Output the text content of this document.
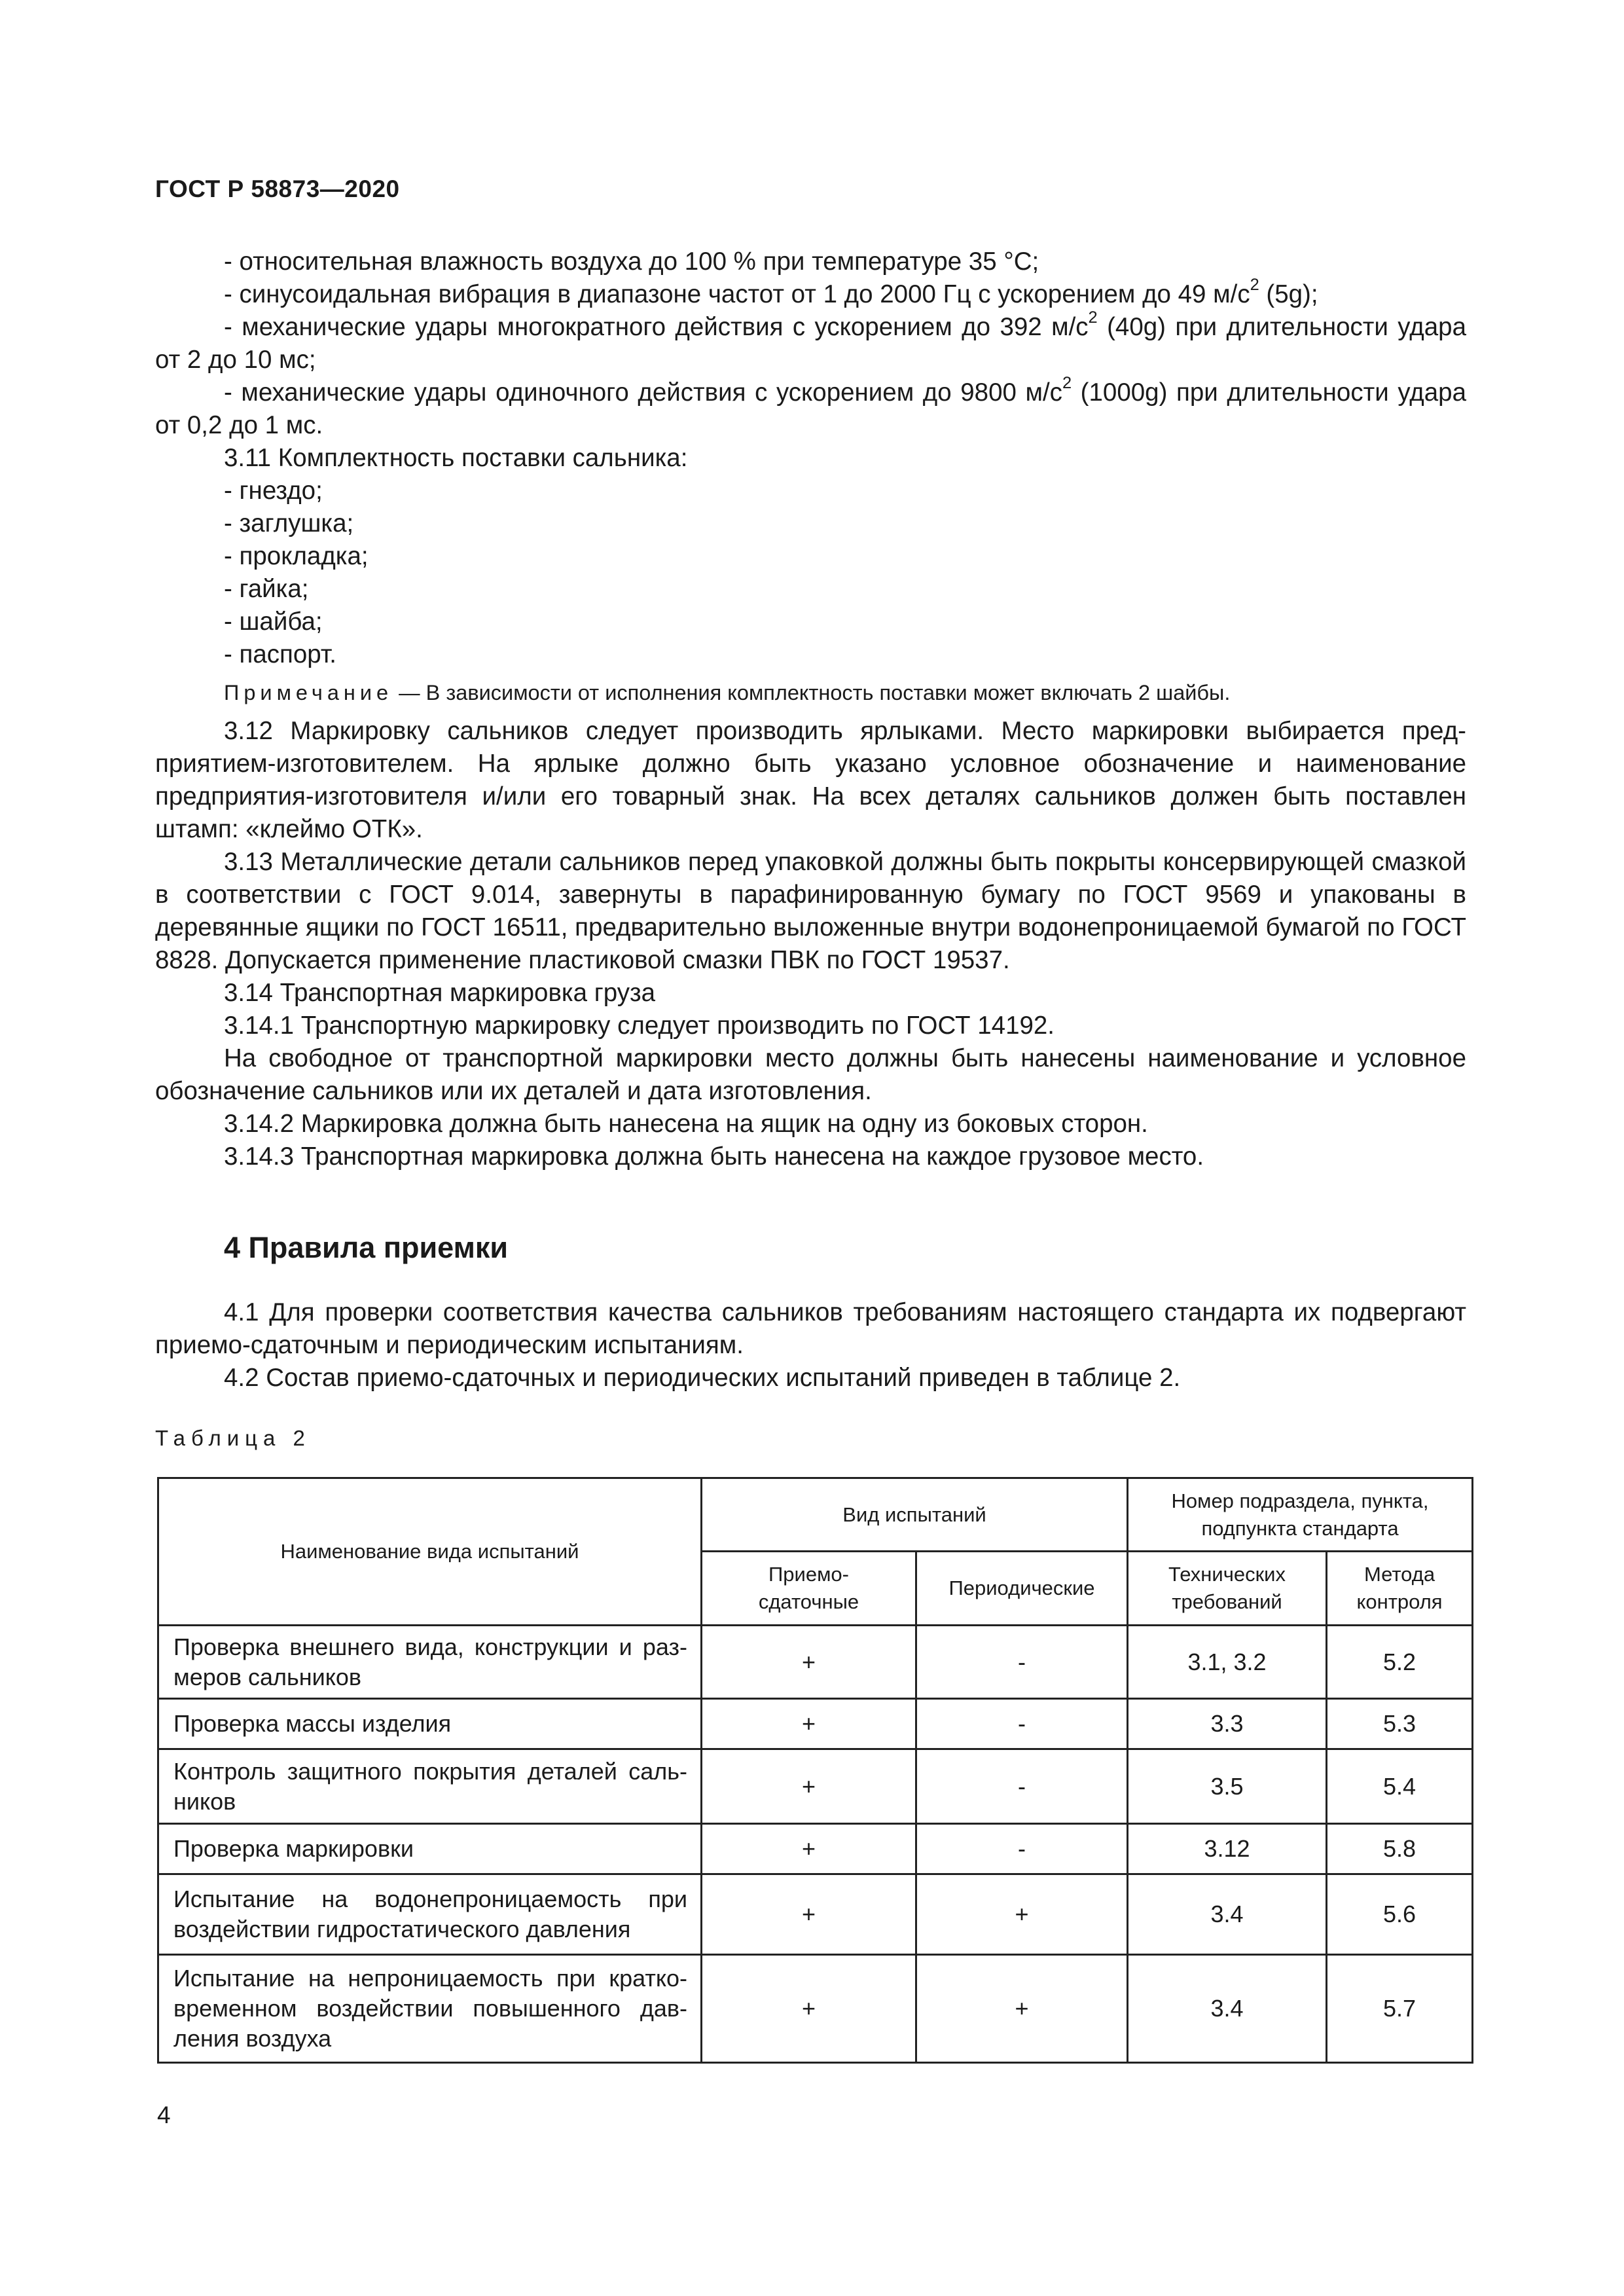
ГОСТ Р 58873—2020

- относительная влажность воздуха до 100 % при температуре 35 °C;

- синусоидальная вибрация в диапазоне частот от 1 до 2000 Гц с ускорением до 49 $м/с^2$ (5g);

- механические удары многократного действия с ускорением до 392 $м/с^2$ (40g) при длительности удара от 2 до 10 мс;

- механические удары одиночного действия с ускорением до 9800 $м/с^2$ (1000g) при длительности удара от 0,2 до 1 мс.

3.11 Комплектность поставки сальника:

- гнездо;

- заглушка;

- прокладка;

- гайка;

- шайба;

- паспорт.

Примечание — В зависимости от исполнения комплектность поставки может включать 2 шайбы.

3.12 Маркировку сальников следует производить ярлыками. Место маркировки выбирается предприятием-изготовителем. На ярлыке должно быть указано условное обозначение и наименование предприятия-изготовителя и/или его товарный знак. На всех деталях сальников должен быть поставлен штамп: «клеймо ОТК».

3.13 Металлические детали сальников перед упаковкой должны быть покрыты консервирующей смазкой в соответствии с ГОСТ 9.014, завернуты в парафинированную бумагу по ГОСТ 9569 и упакованы в деревянные ящики по ГОСТ 16511, предварительно выложенные внутри водонепроницаемой бумагой по ГОСТ 8828. Допускается применение пластиковой смазки ПВК по ГОСТ 19537.

3.14 Транспортная маркировка груза

3.14.1 Транспортную маркировку следует производить по ГОСТ 14192.

На свободное от транспортной маркировки место должны быть нанесены наименование и условное обозначение сальников или их деталей и дата изготовления.

3.14.2 Маркировка должна быть нанесена на ящик на одну из боковых сторон.

3.14.3 Транспортная маркировка должна быть нанесена на каждое грузовое место.

4 Правила приемки

4.1 Для проверки соответствия качества сальников требованиям настоящего стандарта их подвергают приемо-сдаточным и периодическим испытаниям.

4.2 Состав приемо-сдаточных и периодических испытаний приведен в таблице 2.

Таблица 2
Наименование вида испытаний	Вид испытаний		Номер подраздела, пункта, подпункта стандарта	
	Приемо-сдаточные	Периодические	Технических требований	Метода контроля
Проверка внешнего вида, конструкции и размеров сальников	+	-	3.1, 3.2	5.2
Проверка массы изделия	+	-	3.3	5.3
Контроль защитного покрытия деталей сальников	+	-	3.5	5.4
Проверка маркировки	+	-	3.12	5.8
Испытание на водонепроницаемость при воздействии гидростатического давления	+	+	3.4	5.6
Испытание на непроницаемость при кратковременном воздействии повышенного давления воздуха	+	+	3.4	5.7
4
